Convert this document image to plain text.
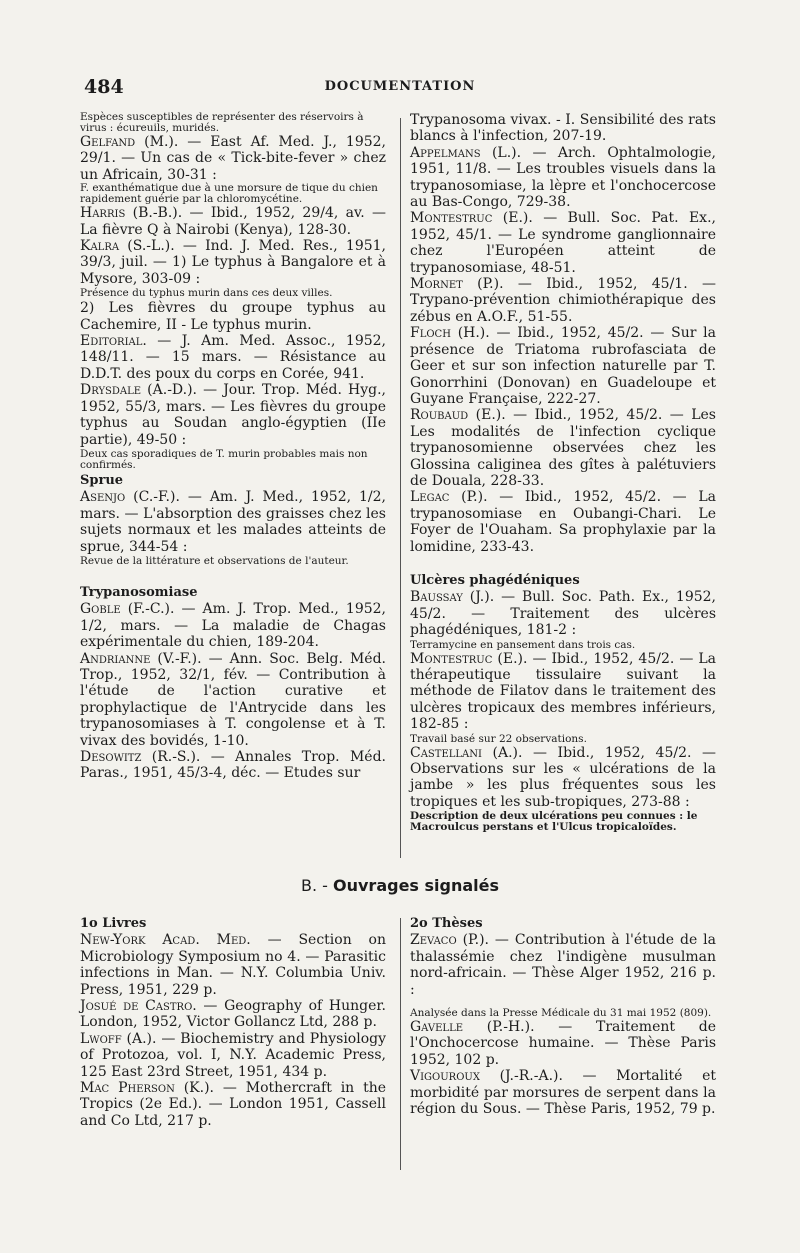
484	DOCUMENTATION

Espèces susceptibles de représenter des réservoirs à virus : écureuils, muridés.

Gelfand (M.). — East Af. Med. J., 1952, 29/1. — Un cas de « Tick-bite-fever » chez un Africain, 30-31 :

F. exanthématique due à une morsure de tique du chien rapidement guérie par la chloromycétine.

Harris (B.-B.). — Ibid., 1952, 29/4, av. — La fièvre Q à Nairobi (Kenya), 128-30.

Kalra (S.-L.). — Ind. J. Med. Res., 1951, 39/3, juil. — 1) Le typhus à Bangalore et à Mysore, 303-09 :

Présence du typhus murin dans ces deux villes.

2) Les fièvres du groupe typhus au Cachemire, II - Le typhus murin.

Editorial. — J. Am. Med. Assoc., 1952, 148/11. — 15 mars. — Résistance au D.D.T. des poux du corps en Corée, 941.

Drysdale (A.-D.). — Jour. Trop. Méd. Hyg., 1952, 55/3, mars. — Les fièvres du groupe typhus au Soudan anglo-égyptien (IIe partie), 49-50 :

Deux cas sporadiques de T. murin probables mais non confirmés.

Sprue

Asenjo (C.-F.). — Am. J. Med., 1952, 1/2, mars. — L'absorption des graisses chez les sujets normaux et les malades atteints de sprue, 344-54 :

Revue de la littérature et observations de l'auteur.

Trypanosomiase

Goble (F.-C.). — Am. J. Trop. Med., 1952, 1/2, mars. — La maladie de Chagas expérimentale du chien, 189-204.

Andrianne (V.-F.). — Ann. Soc. Belg. Méd. Trop., 1952, 32/1, fév. — Contribution à l'étude de l'action curative et prophylactique de l'Antrycide dans les trypanosomiases à T. congolense et à T. vivax des bovidés, 1-10.

Desowitz (R.-S.). — Annales Trop. Méd. Paras., 1951, 45/3-4, déc. — Etudes sur

Trypanosoma vivax. - I. Sensibilité des rats blancs à l'infection, 207-19.

Appelmans (L.). — Arch. Ophtalmologie, 1951, 11/8. — Les troubles visuels dans la trypanosomiase, la lèpre et l'onchocercose au Bas-Congo, 729-38.

Montestruc (E.). — Bull. Soc. Pat. Ex., 1952, 45/1. — Le syndrome ganglionnaire chez l'Européen atteint de trypanosomiase, 48-51.

Mornet (P.). — Ibid., 1952, 45/1. — Trypano-prévention chimiothérapique des zébus en A.O.F., 51-55.

Floch (H.). — Ibid., 1952, 45/2. — Sur la présence de Triatoma rubrofasciata de Geer et sur son infection naturelle par T. Gonorrhini (Donovan) en Guadeloupe et Guyane Française, 222-27.

Roubaud (E.). — Ibid., 1952, 45/2. — Les Les modalités de l'infection cyclique trypanosomienne observées chez les Glossina caliginea des gîtes à palétuviers de Douala, 228-33.

Legac (P.). — Ibid., 1952, 45/2. — La trypanosomiase en Oubangi-Chari. Le Foyer de l'Ouaham. Sa prophylaxie par la lomidine, 233-43.

Ulcères phagédéniques

Baussay (J.). — Bull. Soc. Path. Ex., 1952, 45/2. — Traitement des ulcères phagédéniques, 181-2 :

Terramycine en pansement dans trois cas.

Montestruc (E.). — Ibid., 1952, 45/2. — La thérapeutique tissulaire suivant la méthode de Filatov dans le traitement des ulcères tropicaux des membres inférieurs, 182-85 :

Travail basé sur 22 observations.

Castellani (A.). — Ibid., 1952, 45/2. — Observations sur les « ulcérations de la jambe » les plus fréquentes sous les tropiques et les sub-tropiques, 273-88 :

Description de deux ulcérations peu connues : le Macroulcus perstans et l'Ulcus tropicaloïdes.

B. - Ouvrages signalés

1o Livres

New-York Acad. Med. — Section on Microbiology Symposium no 4. — Parasitic infections in Man. — N.Y. Columbia Univ. Press, 1951, 229 p.

Josué de Castro. — Geography of Hunger. London, 1952, Victor Gollancz Ltd, 288 p.

Lwoff (A.). — Biochemistry and Physiology of Protozoa, vol. I, N.Y. Academic Press, 125 East 23rd Street, 1951, 434 p.

Mac Pherson (K.). — Mothercraft in the Tropics (2e Ed.). — London 1951, Cassell and Co Ltd, 217 p.

2o Thèses

Zevaco (P.). — Contribution à l'étude de la thalassémie chez l'indigène musulman nord-africain. — Thèse Alger 1952, 216 p. :

Analysée dans la Presse Médicale du 31 mai 1952 (809).

Gavelle (P.-H.). — Traitement de l'Onchocercose humaine. — Thèse Paris 1952, 102 p.

Vigouroux (J.-R.-A.). — Mortalité et morbidité par morsures de serpent dans la région du Sous. — Thèse Paris, 1952, 79 p.
